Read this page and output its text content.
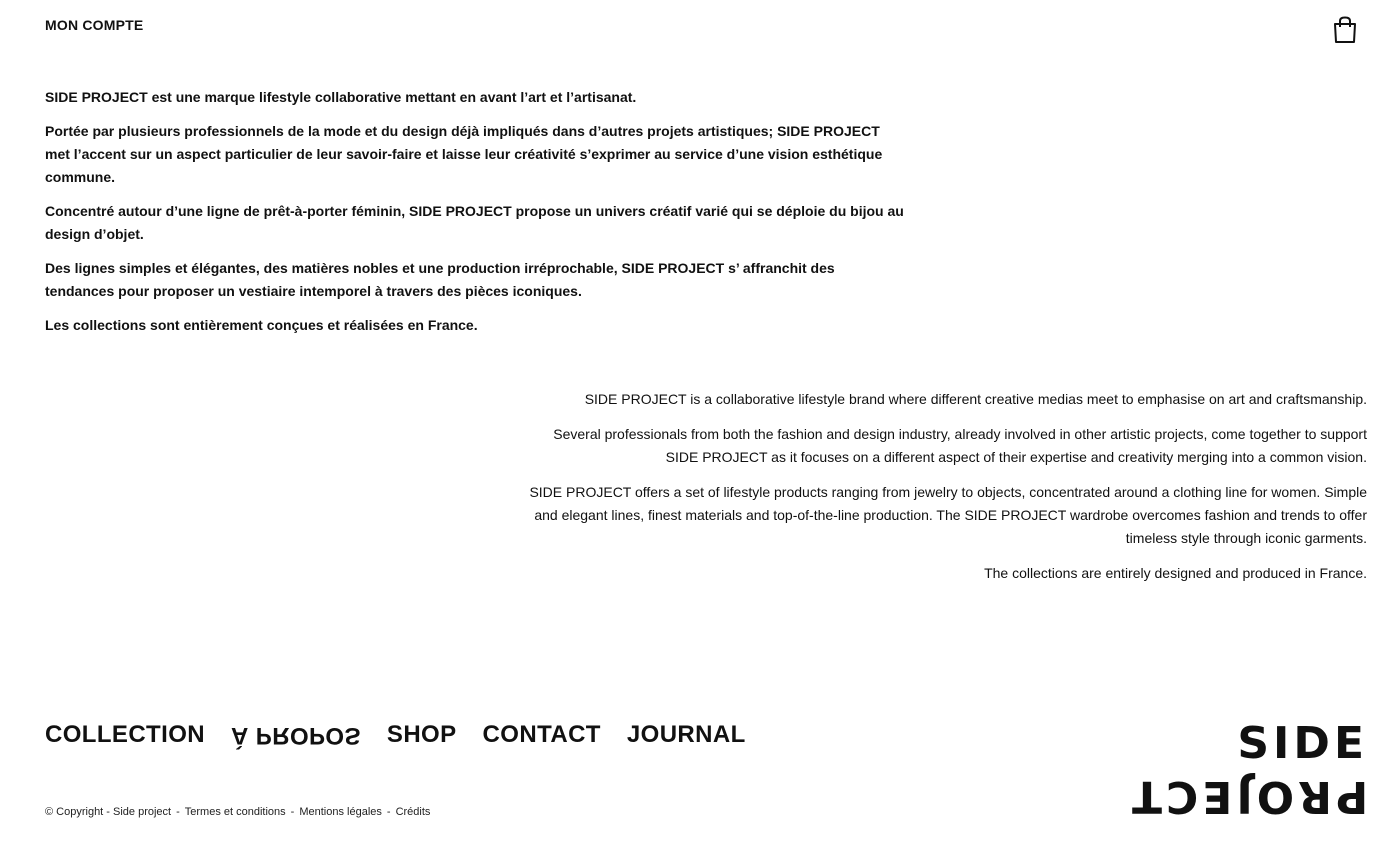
MON COMPTE

SIDE PROJECT est une marque lifestyle collaborative mettant en avant l’art et l’artisanat.

Portée par plusieurs professionnels de la mode et du design déjà impliqués dans d’autres projets artistiques; SIDE PROJECT met l’accent sur un aspect particulier de leur savoir-faire et laisse leur créativité s’exprimer au service d’une vision esthétique commune.

Concentré autour d’une ligne de prêt-à-porter féminin, SIDE PROJECT propose un univers créatif varié qui se déploie du bijou au design d’objet.

Des lignes simples et élégantes, des matières nobles et une production irréprochable, SIDE PROJECT s’ affranchit des tendances pour proposer un vestiaire intemporel à travers des pièces iconiques.

Les collections sont entièrement conçues et réalisées en France.

SIDE PROJECT is a collaborative lifestyle brand where different creative medias meet to emphasise on art and craftsmanship.

Several professionals from both the fashion and design industry, already involved in other artistic projects, come together to support SIDE PROJECT as it focuses on a different aspect of their expertise and creativity merging into a common vision.

SIDE PROJECT offers a set of lifestyle products ranging from jewelry to objects, concentrated around a clothing line for women. Simple and elegant lines, finest materials and top-of-the-line production. The SIDE PROJECT wardrobe overcomes fashion and trends to offer timeless style through iconic garments.

The collections are entirely designed and produced in France.

COLLECTION À PROPOS SHOP CONTACT JOURNAL
© Copyright - Side project - Termes et conditions - Mentions légales - Crédits
SIDE
PROJECT
